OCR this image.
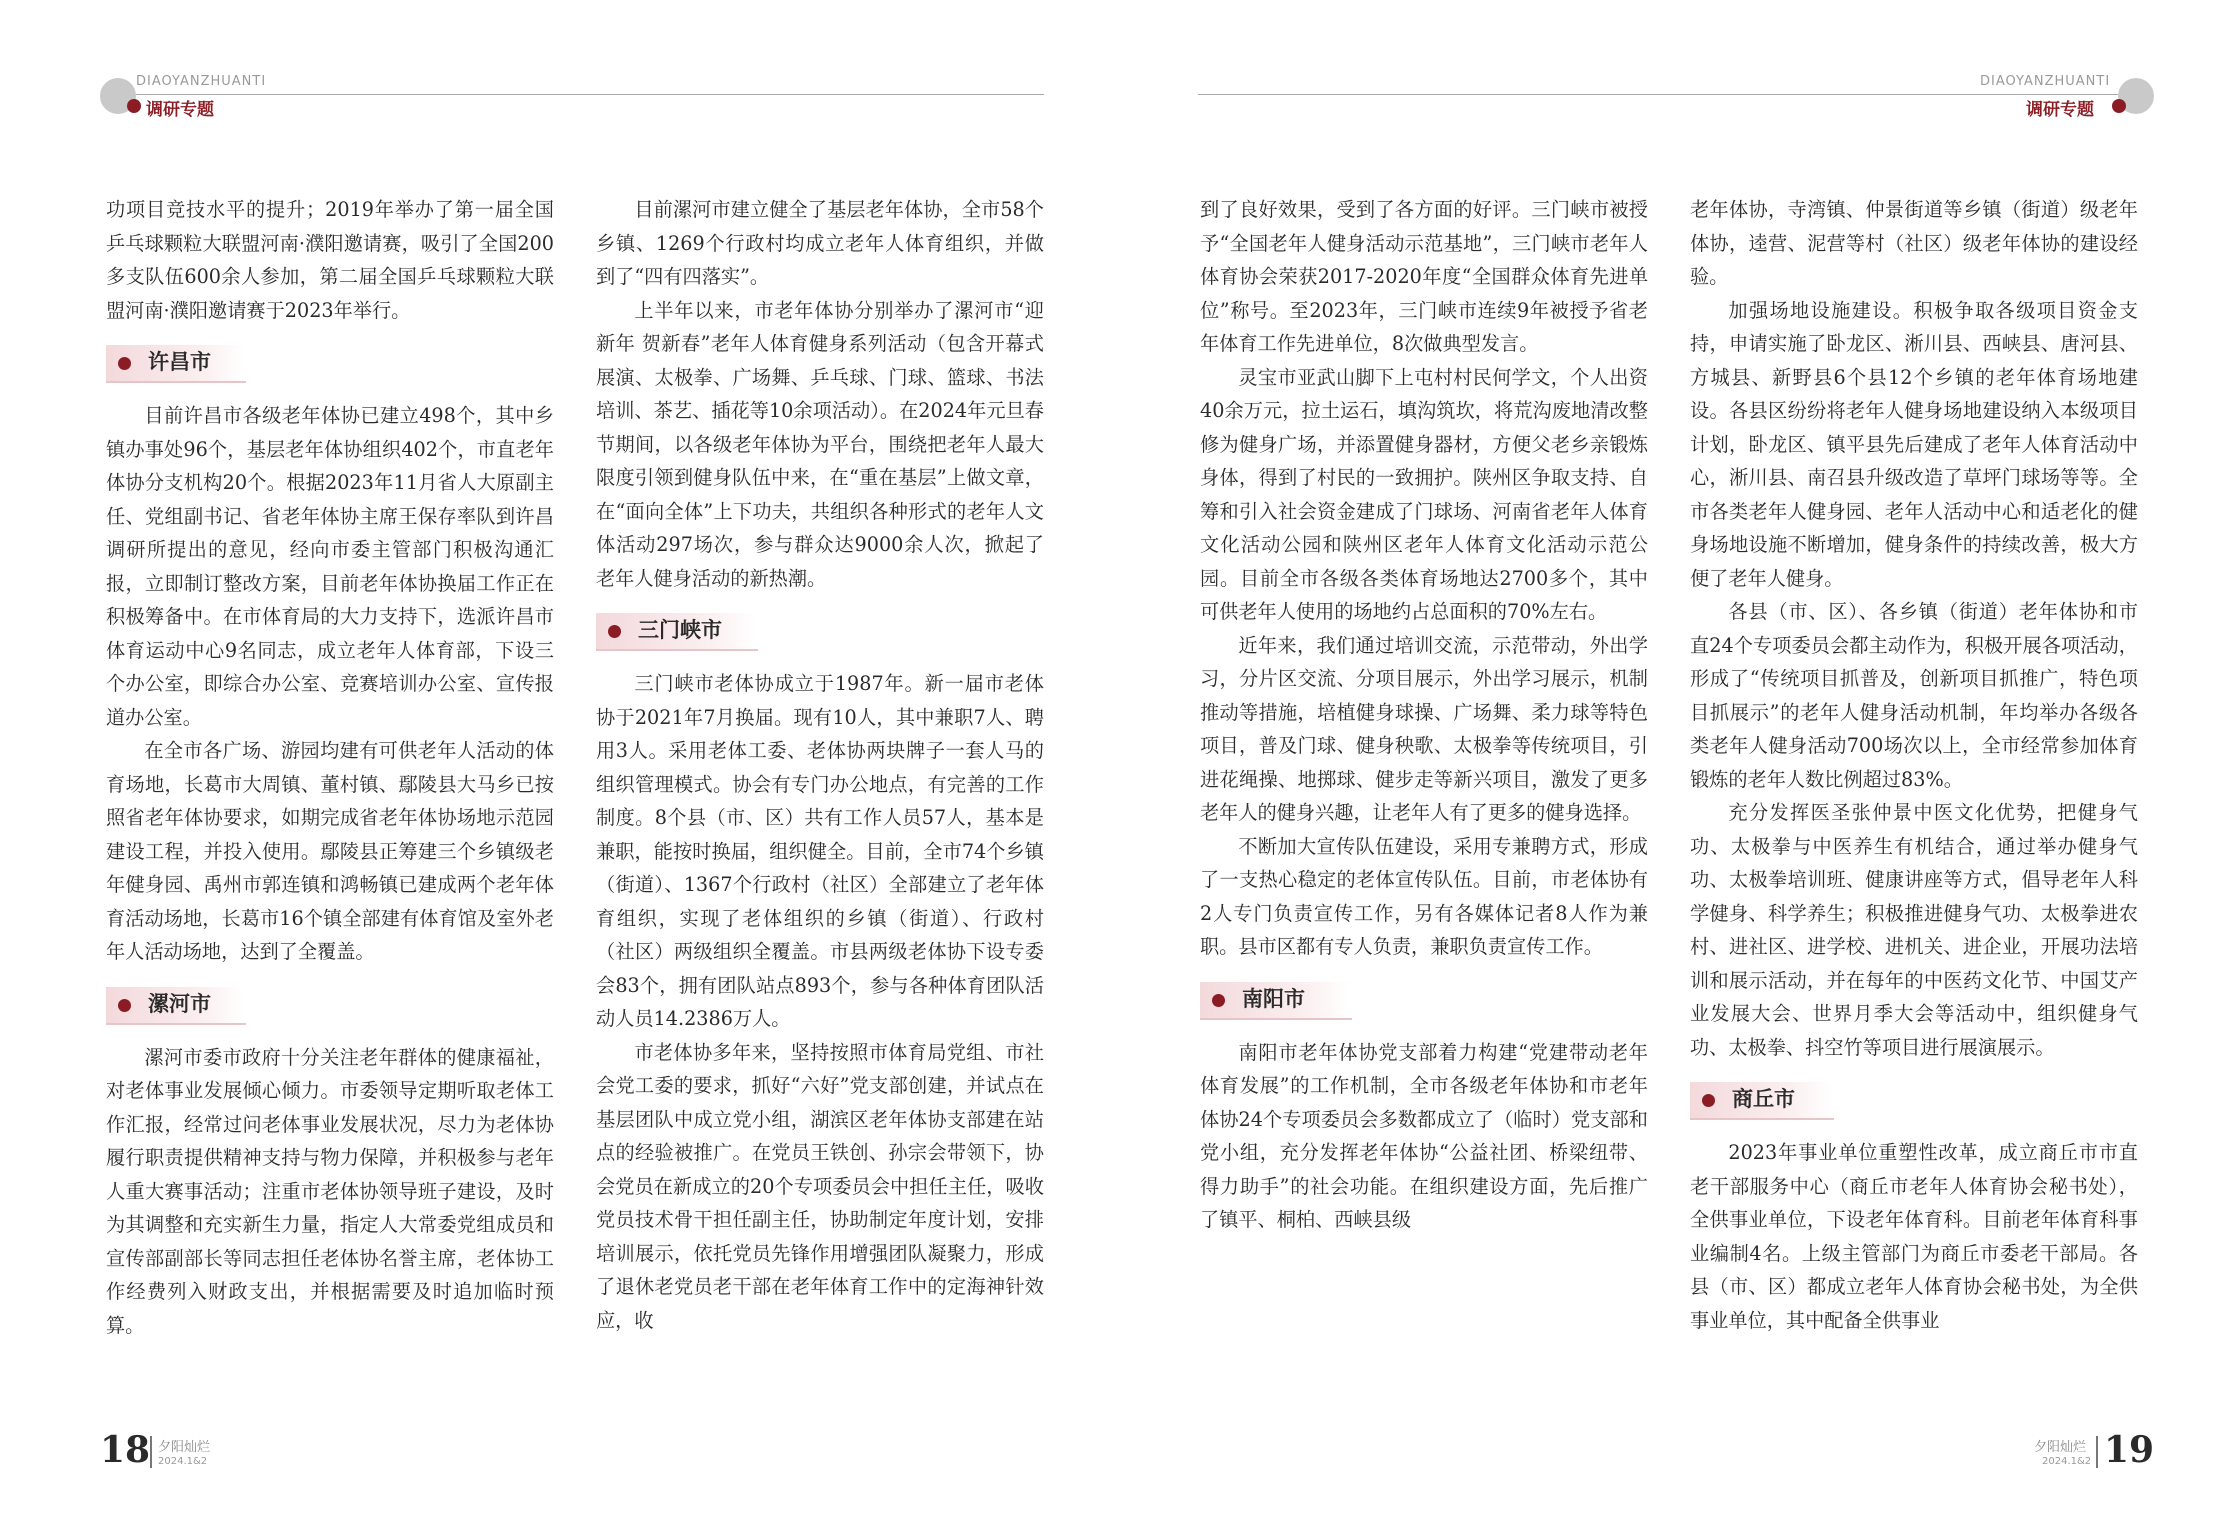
DIAOYANZHUANTI
调研专题

功项目竞技水平的提升；2019年举办了第一届全国乒乓球颗粒大联盟河南·濮阳邀请赛，吸引了全国200多支队伍600余人参加，第二届全国乒乓球颗粒大联盟河南·濮阳邀请赛于2023年举行。

许昌市

目前许昌市各级老年体协已建立498个，其中乡镇办事处96个，基层老年体协组织402个，市直老年体协分支机构20个。根据2023年11月省人大原副主任、党组副书记、省老年体协主席王保存率队到许昌调研所提出的意见，经向市委主管部门积极沟通汇报，立即制订整改方案，目前老年体协换届工作正在积极筹备中。在市体育局的大力支持下，选派许昌市体育运动中心9名同志，成立老年人体育部，下设三个办公室，即综合办公室、竞赛培训办公室、宣传报道办公室。

在全市各广场、游园均建有可供老年人活动的体育场地，长葛市大周镇、董村镇、鄢陵县大马乡已按照省老年体协要求，如期完成省老年体协场地示范园建设工程，并投入使用。鄢陵县正筹建三个乡镇级老年健身园、禹州市郭连镇和鸿畅镇已建成两个老年体育活动场地，长葛市16个镇全部建有体育馆及室外老年人活动场地，达到了全覆盖。

漯河市

漯河市委市政府十分关注老年群体的健康福祉，对老体事业发展倾心倾力。市委领导定期听取老体工作汇报，经常过问老体事业发展状况，尽力为老体协履行职责提供精神支持与物力保障，并积极参与老年人重大赛事活动；注重市老体协领导班子建设，及时为其调整和充实新生力量，指定人大常委党组成员和宣传部副部长等同志担任老体协名誉主席，老体协工作经费列入财政支出，并根据需要及时追加临时预算。

目前漯河市建立健全了基层老年体协，全市58个乡镇、1269个行政村均成立老年人体育组织，并做到了“四有四落实”。

上半年以来，市老年体协分别举办了漯河市“迎新年 贺新春”老年人体育健身系列活动（包含开幕式展演、太极拳、广场舞、乒乓球、门球、篮球、书法培训、茶艺、插花等10余项活动）。在2024年元旦春节期间，以各级老年体协为平台，围绕把老年人最大限度引领到健身队伍中来，在“重在基层”上做文章，在“面向全体”上下功夫，共组织各种形式的老年人文体活动297场次，参与群众达9000余人次，掀起了老年人健身活动的新热潮。

三门峡市

三门峡市老体协成立于1987年。新一届市老体协于2021年7月换届。现有10人，其中兼职7人、聘用3人。采用老体工委、老体协两块牌子一套人马的组织管理模式。协会有专门办公地点，有完善的工作制度。8个县（市、区）共有工作人员57人，基本是兼职，能按时换届，组织健全。目前，全市74个乡镇（街道）、1367个行政村（社区）全部建立了老年体育组织，实现了老体组织的乡镇（街道）、行政村（社区）两级组织全覆盖。市县两级老体协下设专委会83个，拥有团队站点893个，参与各种体育团队活动人员14.2386万人。

市老体协多年来，坚持按照市体育局党组、市社会党工委的要求，抓好“六好”党支部创建，并试点在基层团队中成立党小组，湖滨区老年体协支部建在站点的经验被推广。在党员王铁创、孙宗会带领下，协会党员在新成立的20个专项委员会中担任主任，吸收党员技术骨干担任副主任，协助制定年度计划，安排培训展示，依托党员先锋作用增强团队凝聚力，形成了退休老党员老干部在老年体育工作中的定海神针效应，收

18 夕阳灿烂
2024.1&2
DIAOYANZHUANTI
调研专题

到了良好效果，受到了各方面的好评。三门峡市被授予“全国老年人健身活动示范基地”，三门峡市老年人体育协会荣获2017-2020年度“全国群众体育先进单位”称号。至2023年，三门峡市连续9年被授予省老年体育工作先进单位，8次做典型发言。

灵宝市亚武山脚下上屯村村民何学文，个人出资40余万元，拉土运石，填沟筑坎，将荒沟废地清改整修为健身广场，并添置健身器材，方便父老乡亲锻炼身体，得到了村民的一致拥护。陕州区争取支持、自筹和引入社会资金建成了门球场、河南省老年人体育文化活动公园和陕州区老年人体育文化活动示范公园。目前全市各级各类体育场地达2700多个，其中可供老年人使用的场地约占总面积的70%左右。

近年来，我们通过培训交流，示范带动，外出学习，分片区交流、分项目展示，外出学习展示，机制推动等措施，培植健身球操、广场舞、柔力球等特色项目，普及门球、健身秧歌、太极拳等传统项目，引进花绳操、地掷球、健步走等新兴项目，激发了更多老年人的健身兴趣，让老年人有了更多的健身选择。

不断加大宣传队伍建设，采用专兼聘方式，形成了一支热心稳定的老体宣传队伍。目前，市老体协有2人专门负责宣传工作，另有各媒体记者8人作为兼职。县市区都有专人负责，兼职负责宣传工作。

南阳市

南阳市老年体协党支部着力构建“党建带动老年体育发展”的工作机制，全市各级老年体协和市老年体协24个专项委员会多数都成立了（临时）党支部和党小组，充分发挥老年体协“公益社团、桥梁纽带、得力助手”的社会功能。在组织建设方面，先后推广了镇平、桐柏、西峡县级

老年体协，寺湾镇、仲景街道等乡镇（街道）级老年体协，逵营、泥营等村（社区）级老年体协的建设经验。

加强场地设施建设。积极争取各级项目资金支持，申请实施了卧龙区、淅川县、西峡县、唐河县、方城县、新野县6个县12个乡镇的老年体育场地建设。各县区纷纷将老年人健身场地建设纳入本级项目计划，卧龙区、镇平县先后建成了老年人体育活动中心，淅川县、南召县升级改造了草坪门球场等等。全市各类老年人健身园、老年人活动中心和适老化的健身场地设施不断增加，健身条件的持续改善，极大方便了老年人健身。

各县（市、区）、各乡镇（街道）老年体协和市直24个专项委员会都主动作为，积极开展各项活动，形成了“传统项目抓普及，创新项目抓推广，特色项目抓展示”的老年人健身活动机制，年均举办各级各类老年人健身活动700场次以上，全市经常参加体育锻炼的老年人数比例超过83%。

充分发挥医圣张仲景中医文化优势，把健身气功、太极拳与中医养生有机结合，通过举办健身气功、太极拳培训班、健康讲座等方式，倡导老年人科学健身、科学养生；积极推进健身气功、太极拳进农村、进社区、进学校、进机关、进企业，开展功法培训和展示活动，并在每年的中医药文化节、中国艾产业发展大会、世界月季大会等活动中，组织健身气功、太极拳、抖空竹等项目进行展演展示。

商丘市

2023年事业单位重塑性改革，成立商丘市市直老干部服务中心（商丘市老年人体育协会秘书处），全供事业单位，下设老年体育科。目前老年体育科事业编制4名。上级主管部门为商丘市委老干部局。各县（市、区）都成立老年人体育协会秘书处，为全供事业单位，其中配备全供事业

夕阳灿烂
2024.1&2 19
